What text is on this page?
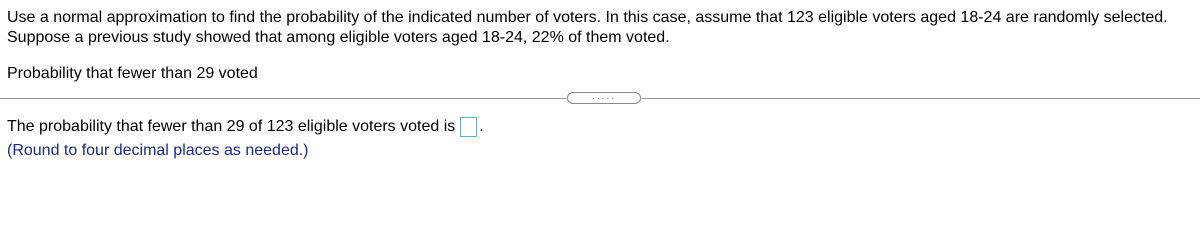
Use a normal approximation to find the probability of the indicated number of voters. In this case, assume that 123 eligible voters aged 18-24 are randomly selected.

Suppose a previous study showed that among eligible voters aged 18-24, 22% of them voted.

Probability that fewer than 29 voted
.....
The probability that fewer than 29 of 123 eligible voters voted is .
(Round to four decimal places as needed.)
